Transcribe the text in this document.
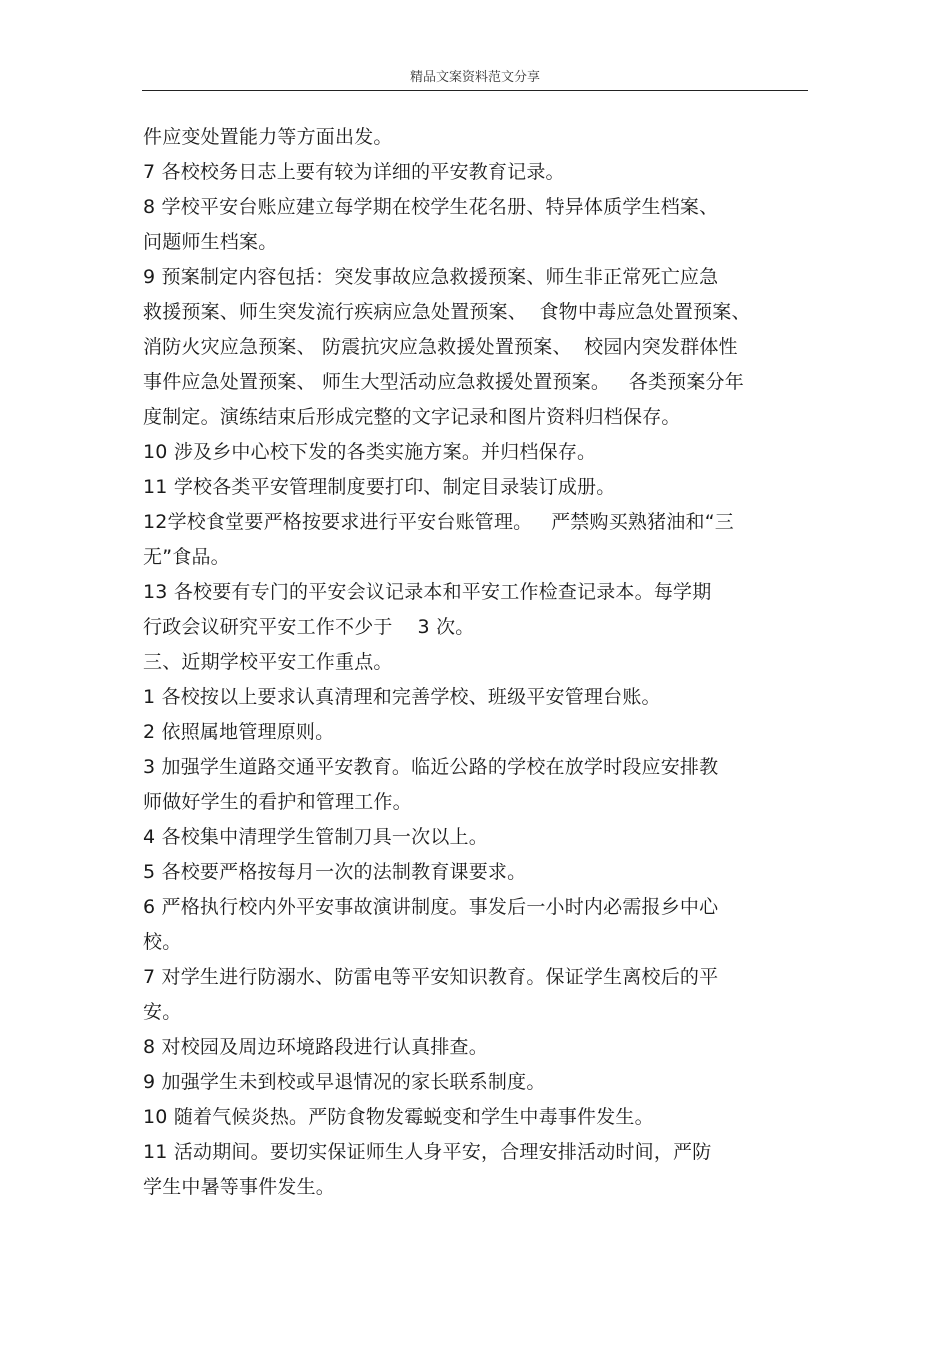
精品文案资料范文分享
件应变处置能力等方面出发。
7 各校校务日志上要有较为详细的平安教育记录。
8 学校平安台账应建立每学期在校学生花名册、特异体质学生档案、
问题师生档案。
9 预案制定内容包括：突发事故应急救援预案、师生非正常死亡应急
救援预案、师生突发流行疾病应急处置预案、  食物中毒应急处置预案、
消防火灾应急预案、 防震抗灾应急救援处置预案、  校园内突发群体性
事件应急处置预案、 师生大型活动应急救援处置预案。   各类预案分年
度制定。演练结束后形成完整的文字记录和图片资料归档保存。
10 涉及乡中心校下发的各类实施方案。并归档保存。
11 学校各类平安管理制度要打印、制定目录装订成册。
12学校食堂要严格按要求进行平安台账管理。   严禁购买熟猪油和“三
无”食品。
13 各校要有专门的平安会议记录本和平安工作检查记录本。每学期
行政会议研究平安工作不少于    3 次。
三、近期学校平安工作重点。
1 各校按以上要求认真清理和完善学校、班级平安管理台账。
2 依照属地管理原则。
3 加强学生道路交通平安教育。临近公路的学校在放学时段应安排教
师做好学生的看护和管理工作。
4 各校集中清理学生管制刀具一次以上。
5 各校要严格按每月一次的法制教育课要求。
6 严格执行校内外平安事故演讲制度。事发后一小时内必需报乡中心
校。
7 对学生进行防溺水、防雷电等平安知识教育。保证学生离校后的平
安。
8 对校园及周边环境路段进行认真排查。
9 加强学生未到校或早退情况的家长联系制度。
10 随着气候炎热。严防食物发霉蜕变和学生中毒事件发生。
11 活动期间。要切实保证师生人身平安，合理安排活动时间，严防
学生中暑等事件发生。
